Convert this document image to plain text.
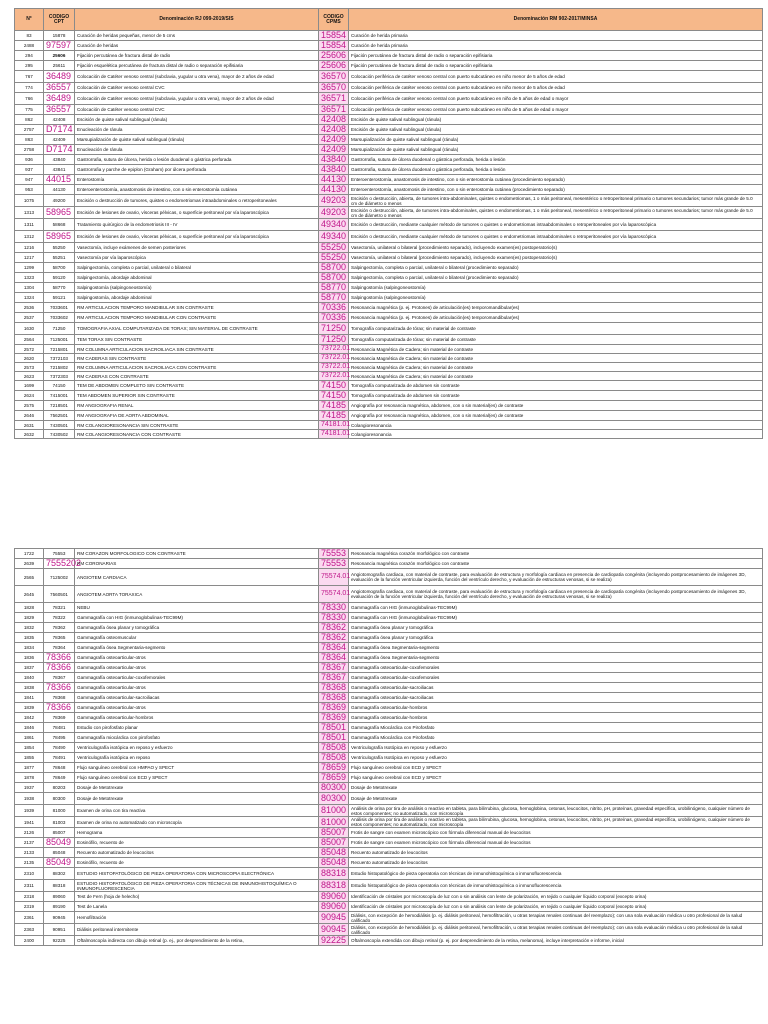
N°	CODIGO CPT	Denominación RJ 099-2019/SIS	CODIGO CPMS	Denominación RM 902-2017/MINSA
83	15878	Curación de heridas pequeñas, menor de 5 cms	15854	Curación de herida primaria
2488	97597	Curación de heridas	15854	Curación de herida primaria
294	25606	Fijación percutánea de fractura distal de radio	25606	Fijación percutánea de fractura distal de radio o separación epifisiaria
295	25611	Fijación esquelética percutánea de fractura distal de radio o separación epifisiaria	25606	Fijación percutánea de fractura distal de radio o separación epifisiaria
767	36489	Colocación de Catéter venoso central (subclavia, yugular u otra vena), mayor de 2 años de edad	36570	Colocación periférica de catéter venoso central con puerto subcutáneo en niño menor de 5 años de edad
774	36557	Colocación de Catéter venoso central CVC	36570	Colocación periférica de catéter venoso central con puerto subcutáneo en niño menor de 5 años de edad
766	36489	Colocación de Catéter venoso central (subclavia, yugular u otra vena), mayor de 2 años de edad	36571	Colocación periférica de catéter venoso central con puerto subcutáneo en niño de 5 años de edad o mayor
775	36557	Colocación de Catéter venoso central CVC	36571	Colocación periférica de catéter venoso central con puerto subcutáneo en niño de 5 años de edad o mayor
862	42408	Escisión de quiste salival sublingual (ránula)	42408	Escisión de quiste salival sublingual (ránula)
2757	D7174	Enucleación de ránula	42408	Escisión de quiste salival sublingual (ránula)
863	42409	Marsupialización de quiste salival sublingual (ránula)	42409	Marsupialización de quiste salival sublingual (ránula)
2758	D7174	Enucleación de ránula	42409	Marsupialización de quiste salival sublingual (ránula)
936	43840	Gastrorrafia, sutura de úlcera, herida o lesión duodenal o gástrica perforada	43840	Gastrorrafia, sutura de úlcera duodenal o gástrica perforada, herida o lesión
937	43841	Gastrorrafia y parche de epiplon (Graham) por úlcera perforada	43840	Gastrorrafia, sutura de úlcera duodenal o gástrica perforada, herida o lesión
947	44015	Enterostomía	44130	Enteroenterostomía, anastomosis de intestino, con o sin enterostomía cutánea (procedimiento separado)
953	44130	Enteroenterostomía, anastomosis de intestino, con o sin enterostomía cutánea	44130	Enteroenterostomía, anastomosis de intestino, con o sin enterostomía cutánea (procedimiento separado)
1075	49200	Escisión o destrucción de tumores, quistes o endometriomas intraabdominales o retroperitoneales	49203	Escisión o destrucción, abierta, de tumores intra-abdominales, quistes o endometriomas, 1 o más peritoneal, mesentérico o retroperitoneal primario o tumores secundarios; tumor más grande de 5.0 cm de diámetro o menos
1313	58965	Escisión de lesiones de ovario, vísceras pélvicas, o superficie peritoneal por vía laparoscópica	49203	Escisión o destrucción, abierta, de tumores intra-abdominales, quistes o endometriomas, 1 o más peritoneal, mesentérico o retroperitoneal primario o tumores secundarios; tumor más grande de 5.0 cm de diámetro o menos
1311	58668	Tratamiento quirúrgico de la endometriosis III - IV	49340	Escisión o destrucción, mediante cualquier método de tumores o quistes o endometriomas intraabdominales o retroperitoneales por vía laparoscópica
1312	58965	Escisión de lesiones de ovario, vísceras pélvicas, o superficie peritoneal por vía laparoscópica	49340	Escisión o destrucción, mediante cualquier método de tumores o quistes o endometriomas intraabdominales o retroperitoneales por vía laparoscópica
1216	55250	Vasectomía, incluye exámenes de semen posteriores	55250	Vasectomía, unilateral o bilateral (procedimiento separado), incluyendo examen(es) postoperatorio(s)
1217	55251	Vasectomía por vía laparoscópica	55250	Vasectomía, unilateral o bilateral (procedimiento separado), incluyendo examen(es) postoperatorio(s)
1299	58700	Salpingectomía, completa o parcial, unilateral o bilateral	58700	Salpingectomía, completa o parcial, unilateral o bilateral (procedimiento separado)
1323	59120	Salpingectomía, abordaje abdominal	58700	Salpingectomía, completa o parcial, unilateral o bilateral (procedimiento separado)
1304	58770	Salpingostomía (salpingoneostomía)	58770	Salpingostomía (salpingoneostomía)
1324	59121	Salpingostomía, abordaje abdominal	58770	Salpingostomía (salpingoneostomía)
2536	7033601	RM ARTICULACION TEMPORO MANDIBULAR SIN CONTRASTE	70336	Resonancia magnética (p. ej. Protones) de articulación(es) temporomandibular(es)
2537	7033602	RM ARTICULACION TEMPORO MANDIBULAR CON CONTRASTE	70336	Resonancia magnética (p. ej. Protones) de articulación(es) temporomandibular(es)
1630	71250	TOMOGRAFIA AXIAL COMPUTARIZADA DE TORAX; SIN MATERIAL DE CONTRASTE	71250	Tomografía computarizada de tórax; sin material de contraste
2564	7125001	TEM TORAX SIN CONTRASTE	71250	Tomografía computarizada de tórax; sin material de contraste
2572	7215801	RM COLUMNA ARTICULACION SACROILIACA SIN CONTRASTE	73722.01	Resonancia Magnética de Cadera; sin material de contraste
2620	7372103	RM CADERAS SIN CONTRASTE	73722.01	Resonancia Magnética de Cadera; sin material de contraste
2573	7215802	RM COLUMNA ARTICULACION SACROILIACA CON CONTRASTE	73722.01	Resonancia Magnética de Cadera; sin material de contraste
2623	7372303	RM CADERAS CON CONTRASTE	73722.01	Resonancia Magnética de Cadera; sin material de contraste
1699	74150	TEM DE ABDOMEN COMPLETO SIN CONTRASTE	74150	Tomografía computarizada de abdomen sin contraste
2624	7415001	TEM ABDOMEN SUPERIOR SIN CONTRASTE	74150	Tomografía computarizada de abdomen sin contraste
2575	7218501	RM ANGIOGRAFIA RENAL	74185	Angiografía por resonancia magnética, abdomen, con o sin material(es) de contraste
2646	7562501	RM ANGIOGRAFIA DE AORTA ABDOMINAL	74185	Angiografía por resonancia magnética, abdomen, con o sin material(es) de contraste
2631	7430501	RM COLANGIORESONANCIA SIN CONTRASTE	74181.01	Colangioresonancia
2632	7430502	RM COLANGIORESONANCIA CON CONTRASTE	74181.01	Colangioresonancia
1722	75553	RM CORAZON MORFOLOGICO CON CONTRASTE	75553	Resonancia magnética corazón morfológico con contraste
2639	7555202	RM CORONARIAS	75553	Resonancia magnética corazón morfológico con contraste
2565	7125002	ANGIOTEM CARDIACA	75574.01	Angiotomografía cardiaca, con material de contraste, para evaluación de estructura y morfología cardiaca en presencia de cardiopatía congénita (incluyendo postprocesamiento de imágenes 3D, evaluación de la función ventricular izquierda, función del ventrículo derecho, y evaluación de estructuras venosas, si se realiza)
2645	7560501	ANGIOTEM AORTA TORAXICA	75574.01	Angiotomografía cardiaca, con material de contraste, para evaluación de estructura y morfología cardiaca en presencia de cardiopatía congénita (incluyendo postprocesamiento de imágenes 3D, evaluación de la función ventricular izquierda, función del ventrículo derecho, y evaluación de estructuras venosas, si se realiza)
1828	78321	NEBU	78330	Gammagrafía con HIG (inmunoglobulinas-TEC99M)
1829	78322	Gammagrafía con HIG (inmunoglobulinas-TEC99M)	78330	Gammagrafía con HIG (inmunoglobulinas-TEC99M)
1832	78362	Gammagrafía ósea planar y tomográfica	78362	Gammagrafía ósea planar y tomográfica
1835	78365	Gammagrafía osteomuscular	78362	Gammagrafía ósea planar y tomográfica
1834	78364	Gammagrafía ósea Segmentaria-segmento	78364	Gammagrafía ósea Segmentaria-segmento
1836	78366	Gammagrafía osteoarticular-otros	78364	Gammagrafía ósea Segmentaria-segmento
1837	78366	Gammagrafía osteoarticular-otros	78367	Gammagrafía osteoarticular-coxofemorales
1840	78367	Gammagrafía osteoarticular-coxofemorales	78367	Gammagrafía osteoarticular-coxofemorales
1838	78366	Gammagrafía osteoarticular-otros	78368	Gammagrafía osteoarticular-sacroiliacas
1841	78368	Gammagrafía osteoarticular-sacroiliacas	78368	Gammagrafía osteoarticular-sacroiliacas
1839	78366	Gammagrafía osteoarticular-otros	78369	Gammagrafía osteoarticular-hombros
1842	78369	Gammagrafía osteoarticular-hombros	78369	Gammagrafía osteoarticular-hombros
1846	78481	Estudio con pirofosfato planar	78501	Gammagrafía Miocárdica con Pirofosfato
1861	78495	Gammagrafía miocárdica con pirofosfato	78501	Gammagrafía Miocárdica con Pirofosfato
1854	78490	Ventriculografía isotópica en reposo y esfuerzo	78508	Ventriculografía Isotópica en reposo y esfuerzo
1855	78491	Ventriculografía isotópica en reposo	78508	Ventriculografía Isotópica en reposo y esfuerzo
1877	78648	Flujo sanguíneo cerebral con HMPAO y SPECT	78659	Flujo sanguíneo cerebral con ECD y SPECT
1878	78649	Flujo sanguíneo cerebral con ECD y SPECT	78659	Flujo sanguíneo cerebral con ECD y SPECT
1937	80203	Dosaje de Metotrexate	80300	Dosaje de Metotrexate
1938	80300	Dosaje de Metotrexate	80300	Dosaje de Metotrexate
1939	81000	Examen de orina con tira reactiva	81000	Análisis de orina por tira de análisis o reactivo en tableta, para bilirrubina, glucosa, hemoglobina, cetonas, leucocitos, nitrito, pH, proteínas, gravedad específica, urobilinógeno, cualquier número de estos componentes; no automatizado, con microscopía
1941	81003	Examen de orina no automatizado con microscopía	81000	Análisis de orina por tira de análisis o reactivo en tableta, para bilirrubina, glucosa, hemoglobina, cetonas, leucocitos, nitrito, pH, proteínas, gravedad específica, urobilinógeno, cualquier número de estos componentes; no automatizado, con microscopía
2126	85007	Hemograma	85007	Frotis de sangre con examen microscópico con fórmula diferencial manual de leucocitos
2137	85049	Eosinófilo, recuento de	85007	Frotis de sangre con examen microscópico con fórmula diferencial manual de leucocitos
2133	85048	Recuento automatizado de leucocitos	85048	Recuento automatizado de leucocitos
2135	85049	Eosinófilo, recuento de	85048	Recuento automatizado de leucocitos
2310	88302	ESTUDIO HISTOPATOLÓGICO DE PIEZA OPERATORIA CON MICROSCOPIA ELECTRÓNICA	88318	Estudio histopatológico de pieza operatoria con técnicas de inmunohistoquímica o inmunofluorescencia
2311	88318	ESTUDIO HISTOPATOLÓGICO DE PIEZA OPERATORIA CON TÉCNICAS DE INMUNOHISTOQUÍMICA O INMUNOFLUORESCENCIA	88318	Estudio histopatológico de pieza operatoria con técnicas de inmunohistoquímica o inmunofluorescencia
2318	89060	Test de Fern (hoja de helecho)	89060	Identificación de cristales por microscopía de luz con o sin análisis con lente de polarización, en tejido o cualquier líquido corporal (excepto orina)
2319	89190	Test de Lanela	89060	Identificación de cristales por microscopía de luz con o sin análisis con lente de polarización, en tejido o cualquier líquido corporal (excepto orina)
2361	90945	Hemofiltración	90945	Diálisis, con excepción de hemodiálisis (p. ej. diálisis peritoneal, hemofiltración, u otras terapias renales continuas del reemplazo); con una sola evaluación médica u otro profesional de la salud calificado
2363	90951	Diálisis peritoneal intermitente	90945	Diálisis, con excepción de hemodiálisis (p. ej. diálisis peritoneal, hemofiltración, u otras terapias renales continuas del reemplazo); con una sola evaluación médica u otro profesional de la salud calificado
2400	92225	Oftalmoscopía indirecta con dibujo retinal (p. ej., por desprendimiento de la retina,	92225	Oftalmoscopía extendida con dibujo retinal (p. ej. por desprendimiento de la retina, melanoma), incluye interpretación e informe, inicial
